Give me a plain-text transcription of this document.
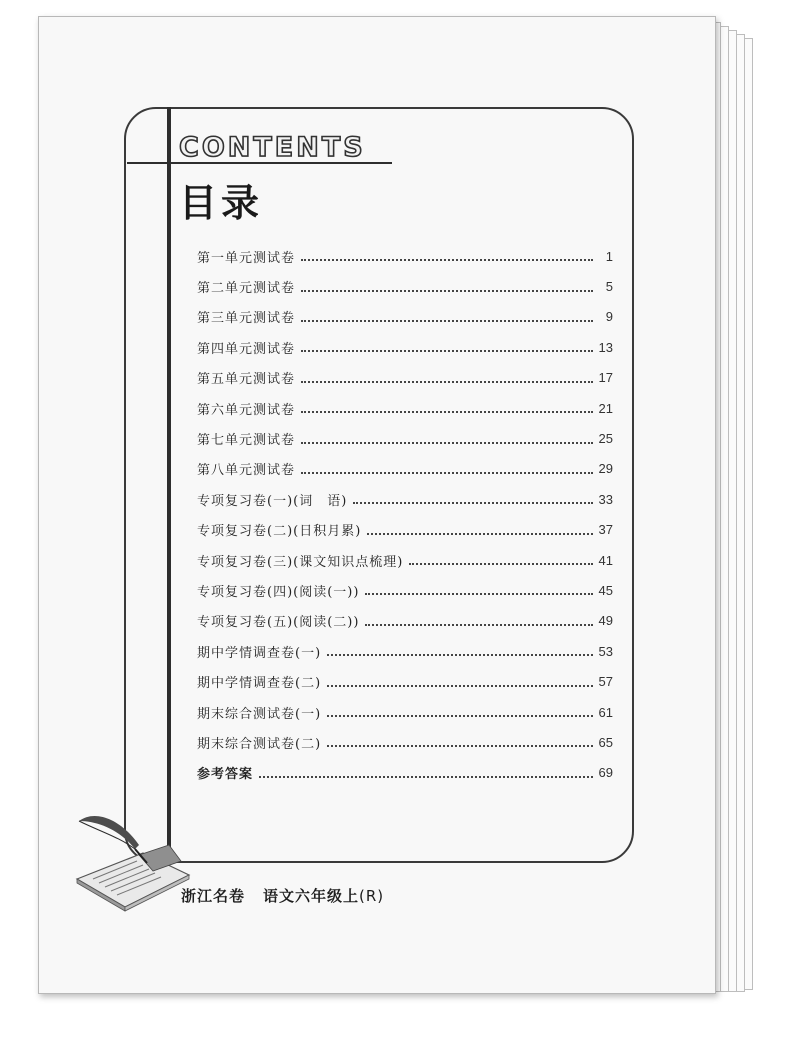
CONTENTS
目录
第一单元测试卷	1
第二单元测试卷	5
第三单元测试卷	9
第四单元测试卷	13
第五单元测试卷	17
第六单元测试卷	21
第七单元测试卷	25
第八单元测试卷	29
专项复习卷(一)(词　语)	33
专项复习卷(二)(日积月累)	37
专项复习卷(三)(课文知识点梳理)	41
专项复习卷(四)(阅读(一))	45
专项复习卷(五)(阅读(二))	49
期中学情调查卷(一)	53
期中学情调查卷(二)	57
期末综合测试卷(一)	61
期末综合测试卷(二)	65
参考答案	69

浙江名卷 语文六年级上(R)
